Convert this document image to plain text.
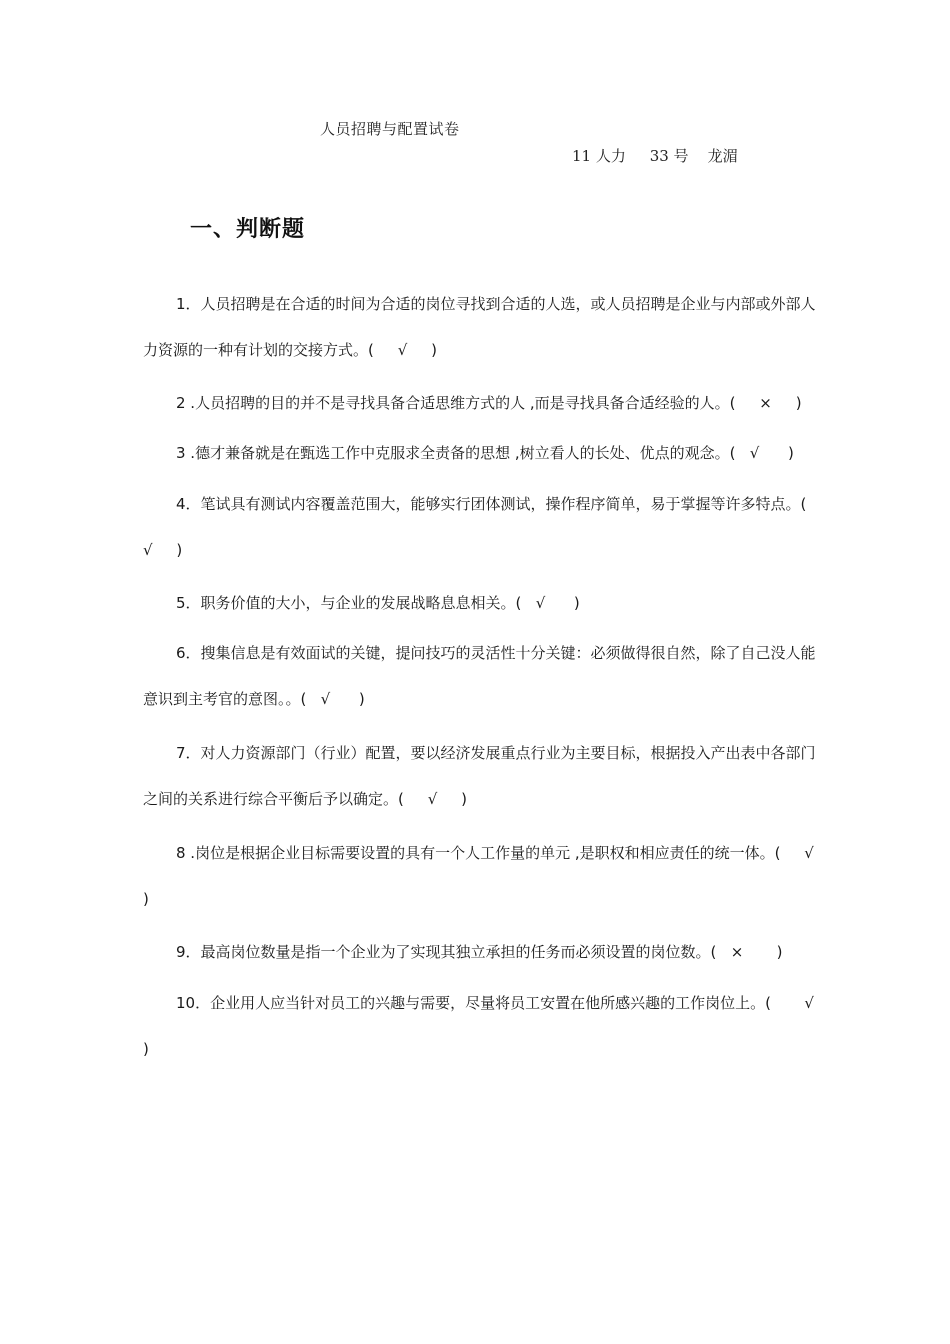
人员招聘与配置试卷
11 人力     33 号    龙湄
一、判断题

1．人员招聘是在合适的时间为合适的岗位寻找到合适的人选，或人员招聘是企业与内部或外部人力资源的一种有计划的交接方式。(     √     )

2 .人员招聘的目的并不是寻找具备合适思维方式的人 ,而是寻找具备合适经验的人。(     ×     )

3 .德才兼备就是在甄选工作中克服求全责备的思想 ,树立看人的长处、优点的观念。(   √      )

4．笔试具有测试内容覆盖范围大，能够实行团体测试，操作程序简单，易于掌握等许多特点。(     √     )

5．职务价值的大小，与企业的发展战略息息相关。(   √      )

6．搜集信息是有效面试的关键，提问技巧的灵活性十分关键：必须做得很自然，除了自己没人能意识到主考官的意图。。(   √      )

7．对人力资源部门（行业）配置，要以经济发展重点行业为主要目标，根据投入产出表中各部门之间的关系进行综合平衡后予以确定。(     √     )

8 .岗位是根据企业目标需要设置的具有一个人工作量的单元 ,是职权和相应责任的统一体。(     √   )

9．最高岗位数量是指一个企业为了实现其独立承担的任务而必须设置的岗位数。(   ×       )

10．企业用人应当针对员工的兴趣与需要，尽量将员工安置在他所感兴趣的工作岗位上。(       √      )
